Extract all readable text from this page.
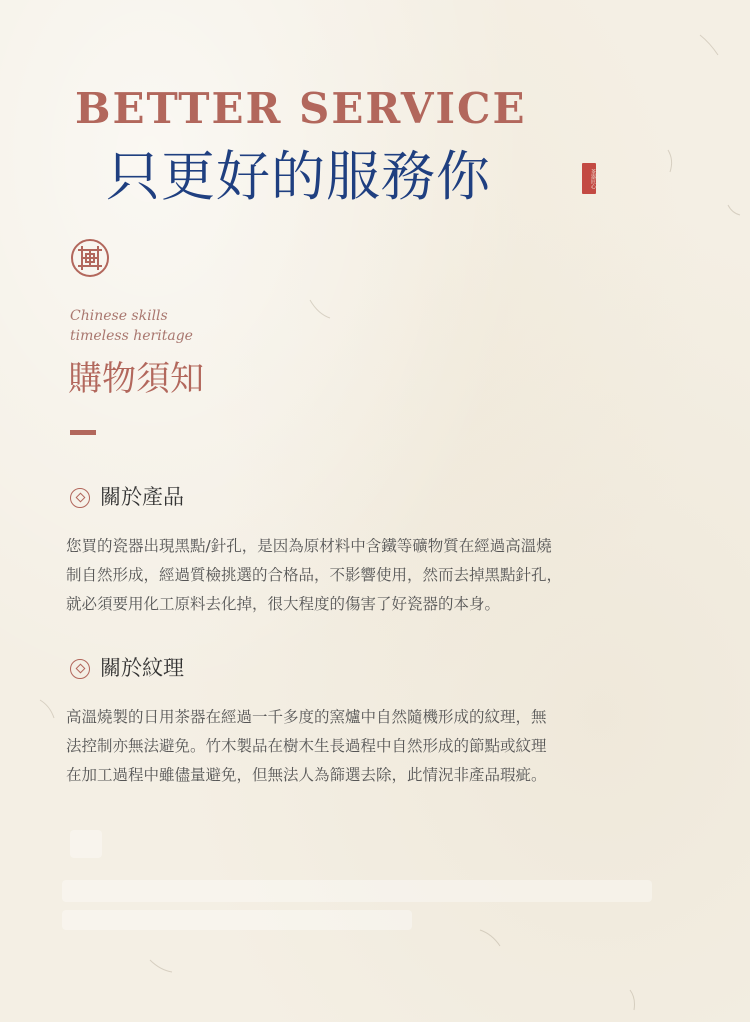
BETTER SERVICE
只更好的服務你	茶器匠心
Chinese skills
timeless heritage
購物須知
關於產品
您買的瓷器出現黑點/針孔，是因為原材料中含鐵等礦物質在經過高溫燒
制自然形成，經過質檢挑選的合格品，不影響使用，然而去掉黑點針孔，
就必須要用化工原料去化掉，很大程度的傷害了好瓷器的本身。
關於紋理
高溫燒製的日用茶器在經過一千多度的窯爐中自然隨機形成的紋理，無
法控制亦無法避免。竹木製品在樹木生長過程中自然形成的節點或紋理
在加工過程中雖儘量避免，但無法人為篩選去除，此情況非產品瑕疵。
